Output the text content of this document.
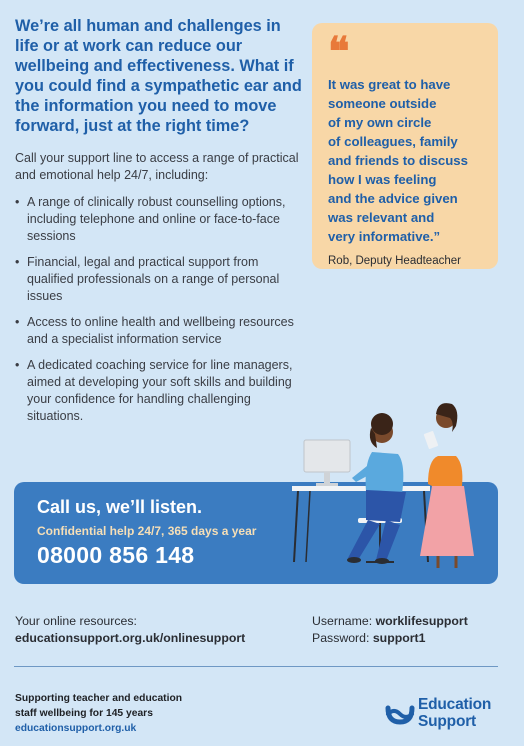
We’re all human and challenges in life or at work can reduce our wellbeing and effectiveness. What if you could find a sympathetic ear and the information you need to move forward, just at the right time?
Call your support line to access a range of practical and emotional help 24/7, including:
• A range of clinically robust counselling options, including telephone and online or face-to-face sessions
• Financial, legal and practical support from qualified professionals on a range of personal issues
• Access to online health and wellbeing resources and a specialist information service
• A dedicated coaching service for line managers, aimed at developing your soft skills and building your confidence for handling challenging situations.
❝
It was great to have
someone outside
of my own circle
of colleagues, family
and friends to discuss
how I was feeling
and the advice given
was relevant and
very informative.”
Rob, Deputy Headteacher
Call us, we’ll listen.
Confidential help 24/7, 365 days a year
08000 856 148
Your online resources:
educationsupport.org.uk/onlinesupport
Username: worklifesupport
Password: support1
Supporting teacher and education
staff wellbeing for 145 years
educationsupport.org.uk
Education
Support
